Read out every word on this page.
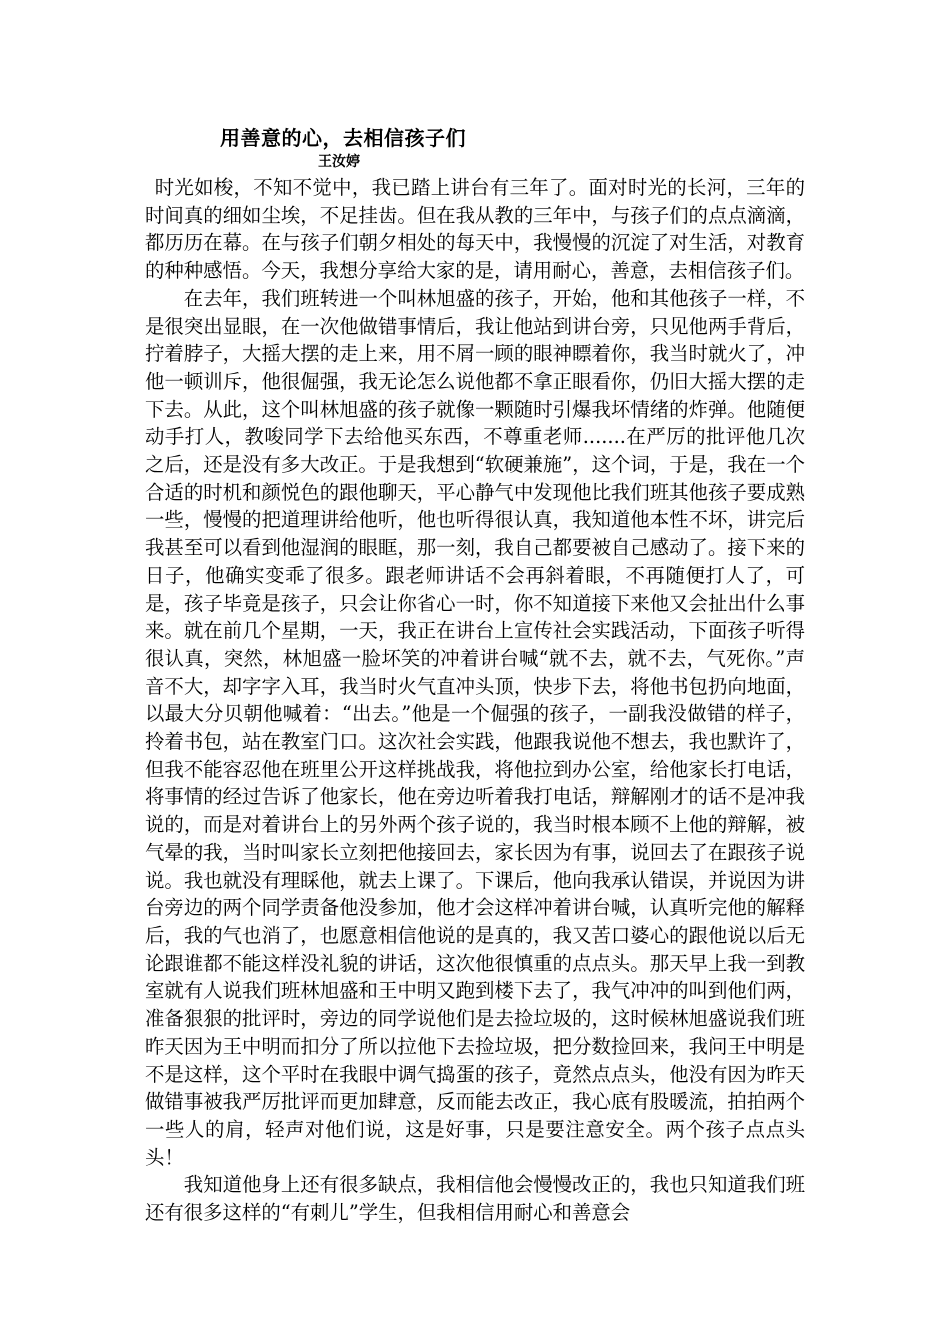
用善意的心，去相信孩子们
王汝婷

时光如梭，不知不觉中，我已踏上讲台有三年了。面对时光的长河，三年的时间真的细如尘埃，不足挂齿。但在我从教的三年中，与孩子们的点点滴滴，都历历在幕。在与孩子们朝夕相处的每天中，我慢慢的沉淀了对生活，对教育的种种感悟。今天，我想分享给大家的是，请用耐心，善意，去相信孩子们。

在去年，我们班转进一个叫林旭盛的孩子，开始，他和其他孩子一样，不是很突出显眼，在一次他做错事情后，我让他站到讲台旁，只见他两手背后，拧着脖子，大摇大摆的走上来，用不屑一顾的眼神瞟着你，我当时就火了，冲他一顿训斥，他很倔强，我无论怎么说他都不拿正眼看你，仍旧大摇大摆的走下去。从此，这个叫林旭盛的孩子就像一颗随时引爆我坏情绪的炸弹。他随便动手打人，教唆同学下去给他买东西，不尊重老师.......在严厉的批评他几次之后，还是没有多大改正。于是我想到“软硬兼施”，这个词，于是，我在一个合适的时机和颜悦色的跟他聊天，平心静气中发现他比我们班其他孩子要成熟一些，慢慢的把道理讲给他听，他也听得很认真，我知道他本性不坏，讲完后我甚至可以看到他湿润的眼眶，那一刻，我自己都要被自己感动了。接下来的日子，他确实变乖了很多。跟老师讲话不会再斜着眼，不再随便打人了，可是，孩子毕竟是孩子，只会让你省心一时，你不知道接下来他又会扯出什么事来。就在前几个星期，一天，我正在讲台上宣传社会实践活动，下面孩子听得很认真，突然，林旭盛一脸坏笑的冲着讲台喊“就不去，就不去，气死你。”声音不大，却字字入耳，我当时火气直冲头顶，快步下去，将他书包扔向地面，以最大分贝朝他喊着：“出去。”他是一个倔强的孩子，一副我没做错的样子，拎着书包，站在教室门口。这次社会实践，他跟我说他不想去，我也默许了，但我不能容忍他在班里公开这样挑战我，将他拉到办公室，给他家长打电话，将事情的经过告诉了他家长，他在旁边听着我打电话，辩解刚才的话不是冲我说的，而是对着讲台上的另外两个孩子说的，我当时根本顾不上他的辩解，被气晕的我，当时叫家长立刻把他接回去，家长因为有事，说回去了在跟孩子说说。我也就没有理睬他，就去上课了。下课后，他向我承认错误，并说因为讲台旁边的两个同学责备他没参加，他才会这样冲着讲台喊，认真听完他的解释后，我的气也消了，也愿意相信他说的是真的，我又苦口婆心的跟他说以后无论跟谁都不能这样没礼貌的讲话，这次他很慎重的点点头。那天早上我一到教室就有人说我们班林旭盛和王中明又跑到楼下去了，我气冲冲的叫到他们两，准备狠狠的批评时，旁边的同学说他们是去捡垃圾的，这时候林旭盛说我们班昨天因为王中明而扣分了所以拉他下去捡垃圾，把分数捡回来，我问王中明是不是这样，这个平时在我眼中调气捣蛋的孩子，竟然点点头，他没有因为昨天做错事被我严厉批评而更加肆意，反而能去改正，我心底有股暖流，拍拍两个一些人的肩，轻声对他们说，这是好事，只是要注意安全。两个孩子点点头头！

我知道他身上还有很多缺点，我相信他会慢慢改正的，我也只知道我们班还有很多这样的“有刺儿”学生，但我相信用耐心和善意会
